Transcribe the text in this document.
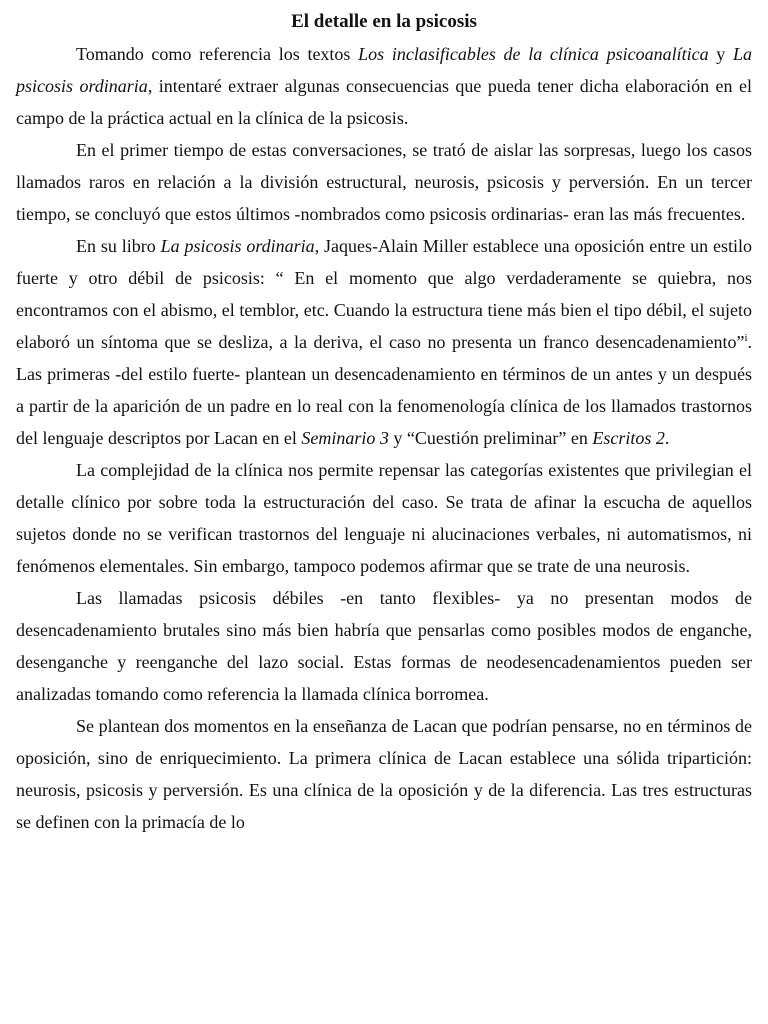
El detalle en la psicosis

Tomando como referencia los textos Los inclasificables de la clínica psicoanalítica y La psicosis ordinaria, intentaré extraer algunas consecuencias que pueda tener dicha elaboración en el campo de la práctica actual en la clínica de la psicosis.

En el primer tiempo de estas conversaciones, se trató de aislar las sorpresas, luego los casos llamados raros en relación a la división estructural, neurosis, psicosis y perversión. En un tercer tiempo, se concluyó que estos últimos -nombrados como psicosis ordinarias- eran las más frecuentes.

En su libro La psicosis ordinaria, Jaques-Alain Miller establece una oposición entre un estilo fuerte y otro débil de psicosis: “ En el momento que algo verdaderamente se quiebra, nos encontramos con el abismo, el temblor, etc. Cuando la estructura tiene más bien el tipo débil, el sujeto elaboró un síntoma que se desliza, a la deriva, el caso no presenta un franco desencadenamiento”$^i$. Las primeras -del estilo fuerte- plantean un desencadenamiento en términos de un antes y un después a partir de la aparición de un padre en lo real con la fenomenología clínica de los llamados trastornos del lenguaje descriptos por Lacan en el Seminario 3 y “Cuestión preliminar” en Escritos 2.

La complejidad de la clínica nos permite repensar las categorías existentes que privilegian el detalle clínico por sobre toda la estructuración del caso. Se trata de afinar la escucha de aquellos sujetos donde no se verifican trastornos del lenguaje ni alucinaciones verbales, ni automatismos, ni fenómenos elementales. Sin embargo, tampoco podemos afirmar que se trate de una neurosis.

Las llamadas psicosis débiles -en tanto flexibles- ya no presentan modos de desencadenamiento brutales sino más bien habría que pensarlas como posibles modos de enganche, desenganche y reenganche del lazo social. Estas formas de neodesencadenamientos pueden ser analizadas tomando como referencia la llamada clínica borromea.

Se plantean dos momentos en la enseñanza de Lacan que podrían pensarse, no en términos de oposición, sino de enriquecimiento. La primera clínica de Lacan establece una sólida tripartición: neurosis, psicosis y perversión. Es una clínica de la oposición y de la diferencia. Las tres estructuras se definen con la primacía de lo
